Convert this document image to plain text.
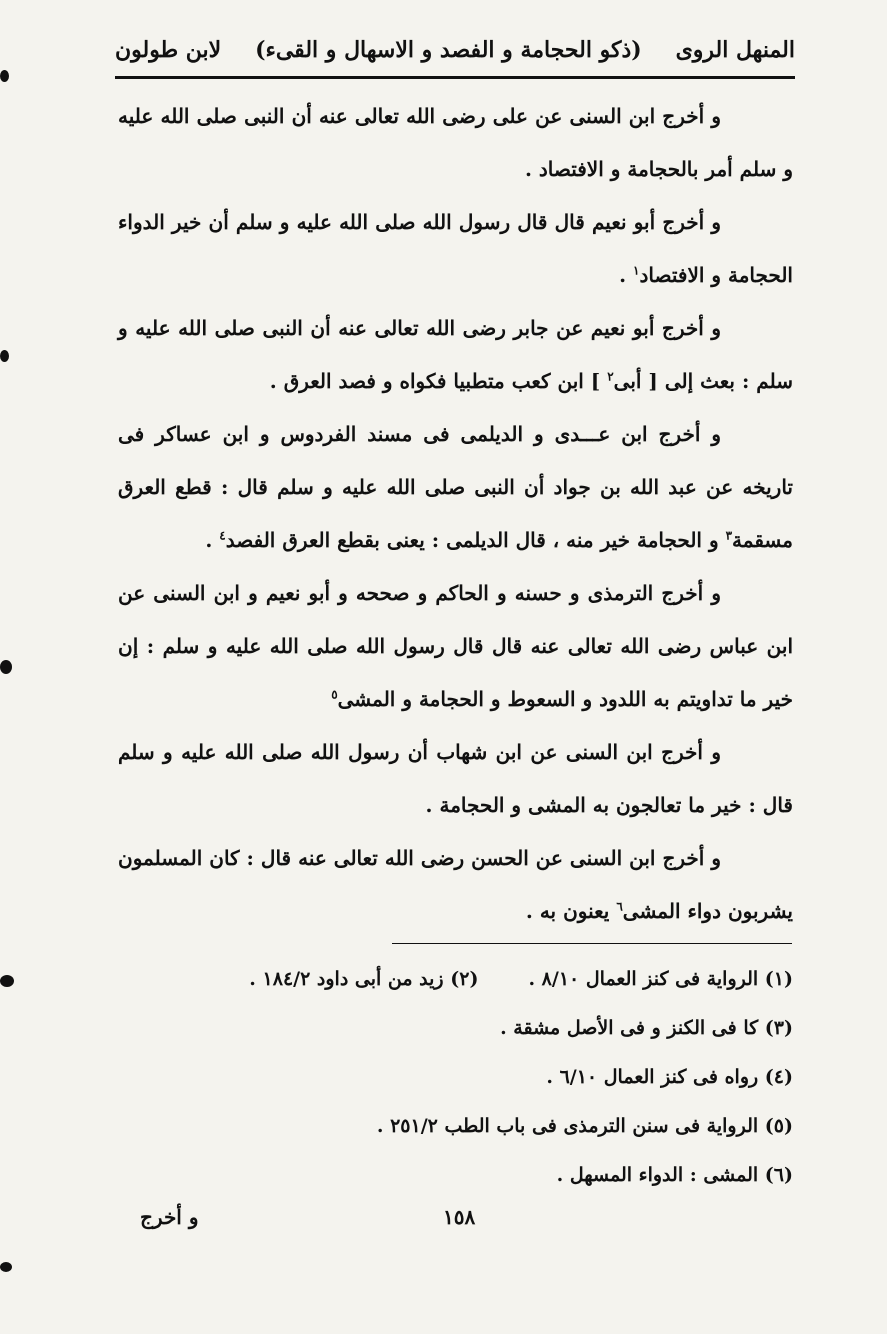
المنهل الروى
(ذكو الحجامة و الفصد و الاسهال و القىء)
لابن طولون

و أخرج ابن السنى عن على رضى الله تعالى عنه أن النبى صلى الله عليه و سلم أمر بالحجامة و الافتصاد .

و أخرج أبو نعيم قال قال رسول الله صلى الله عليه و سلم أن خير الدواء الحجامة و الافتصاد$^١$ .

و أخرج أبو نعيم عن جابر رضى الله تعالى عنه أن النبى صلى الله عليه و سلم : بعث إلى [ أبى$^٢$ ] ابن كعب متطبيا فكواه و فصد العرق .

و أخرج ابن عـــدى و الديلمى فى مسند الفردوس و ابن عساكر فى تاريخه عن عبد الله بن جواد أن النبى صلى الله عليه و سلم قال : قطع العرق مسقمة$^٣$ و الحجامة خير منه ، قال الديلمى : يعنى بقطع العرق الفصد$^٤$ .

و أخرج الترمذى و حسنه و الحاكم و صححه و أبو نعيم و ابن السنى عن ابن عباس رضى الله تعالى عنه قال قال رسول الله صلى الله عليه و سلم : إن خير ما تداويتم به اللدود و السعوط و الحجامة و المشى$^٥$

و أخرج ابن السنى عن ابن شهاب أن رسول الله صلى الله عليه و سلم قال : خير ما تعالجون به المشى و الحجامة .

و أخرج ابن السنى عن الحسن رضى الله تعالى عنه قال : كان المسلمون يشربون دواء المشى$^٦$ يعنون به .

(١) الرواية فى كنز العمال ٨/١٠ .
(٢) زيد من أبى داود ١٨٤/٢ .
(٣) كا فى الكنز و فى الأصل مشقة .
(٤) رواه فى كنز العمال ٦/١٠ .
(٥) الرواية فى سنن الترمذى فى باب الطب ٢٥١/٢ .
(٦) المشى : الدواء المسهل .
و أخرج	١٥٨
